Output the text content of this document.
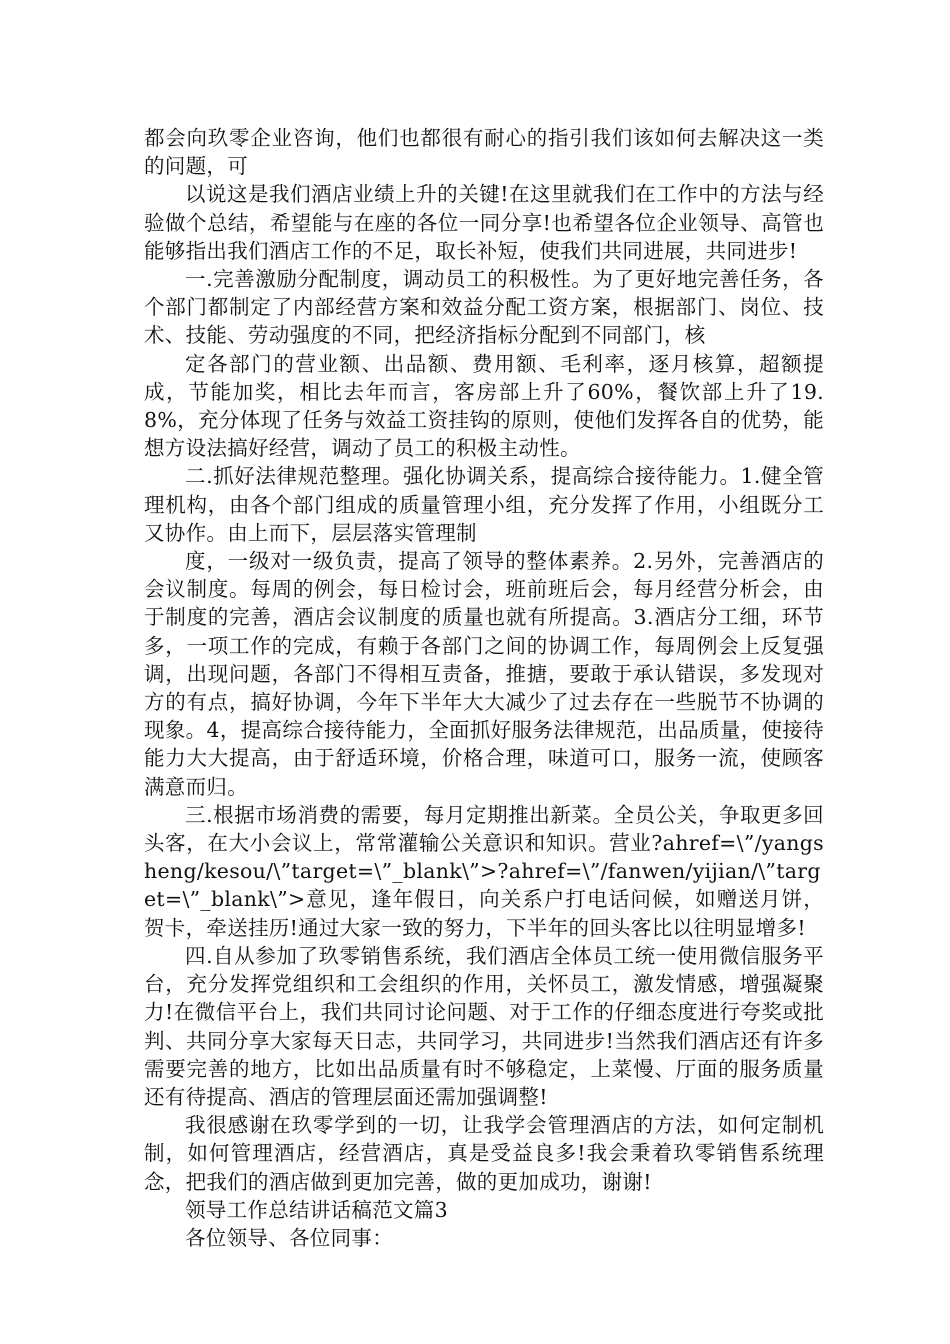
都会向玖零企业咨询，他们也都很有耐心的指引我们该如何去解决这一类的问题，可

以说这是我们酒店业绩上升的关键!在这里就我们在工作中的方法与经验做个总结，希望能与在座的各位一同分享!也希望各位企业领导、高管也能够指出我们酒店工作的不足，取长补短，使我们共同进展，共同进步!

一.完善激励分配制度，调动员工的积极性。为了更好地完善任务，各个部门都制定了内部经营方案和效益分配工资方案，根据部门、岗位、技术、技能、劳动强度的不同，把经济指标分配到不同部门，核

定各部门的营业额、出品额、费用额、毛利率，逐月核算，超额提成，节能加奖，相比去年而言，客房部上升了60%，餐饮部上升了19.8%，充分体现了任务与效益工资挂钩的原则，使他们发挥各自的优势，能想方设法搞好经营，调动了员工的积极主动性。

二.抓好法律规范整理。强化协调关系，提高综合接待能力。1.健全管理机构，由各个部门组成的质量管理小组，充分发挥了作用，小组既分工又协作。由上而下，层层落实管理制

度，一级对一级负责，提高了领导的整体素养。2.另外，完善酒店的会议制度。每周的例会，每日检讨会，班前班后会，每月经营分析会，由于制度的完善，酒店会议制度的质量也就有所提高。3.酒店分工细，环节多，一项工作的完成，有赖于各部门之间的协调工作，每周例会上反复强调，出现问题，各部门不得相互责备，推搪，要敢于承认错误，多发现对方的有点，搞好协调，今年下半年大大减少了过去存在一些脱节不协调的现象。4，提高综合接待能力，全面抓好服务法律规范，出品质量，使接待能力大大提高，由于舒适环境，价格合理，味道可口，服务一流，使顾客满意而归。

三.根据市场消费的需要，每月定期推出新菜。全员公关，争取更多回头客，在大小会议上，常常灌输公关意识和知识。营业?ahref=\”/yangsheng/kesou/\”target=\”_blank\”>?ahref=\”/fanwen/yijian/\”target=\”_blank\”>意见，逢年假日，向关系户打电话问候，如赠送月饼，贺卡，牵送挂历!通过大家一致的努力，下半年的回头客比以往明显增多!

四.自从参加了玖零销售系统，我们酒店全体员工统一使用微信服务平台，充分发挥党组织和工会组织的作用，关怀员工，激发情感，增强凝聚力!在微信平台上，我们共同讨论问题、对于工作的仔细态度进行夸奖或批判、共同分享大家每天日志，共同学习，共同进步!当然我们酒店还有许多需要完善的地方，比如出品质量有时不够稳定，上菜慢、厅面的服务质量还有待提高、酒店的管理层面还需加强调整!

我很感谢在玖零学到的一切，让我学会管理酒店的方法，如何定制机制，如何管理酒店，经营酒店，真是受益良多!我会秉着玖零销售系统理念，把我们的酒店做到更加完善，做的更加成功，谢谢!

领导工作总结讲话稿范文篇3

各位领导、各位同事：
